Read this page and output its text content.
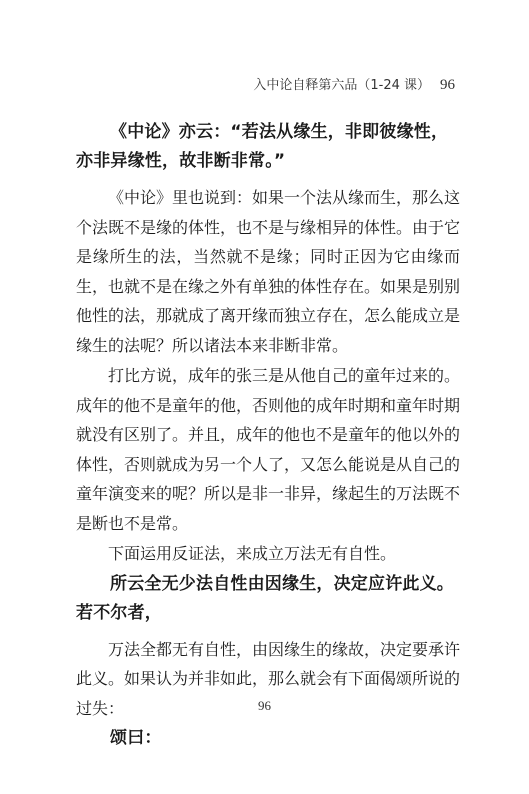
入中论自释第六品（1-24 课） 96

《中论》亦云：“若法从缘生，非即彼缘性，亦非异缘性，故非断非常。”

《中论》里也说到：如果一个法从缘而生，那么这个法既不是缘的体性，也不是与缘相异的体性。由于它是缘所生的法，当然就不是缘；同时正因为它由缘而生，也就不是在缘之外有单独的体性存在。如果是别别他性的法，那就成了离开缘而独立存在，怎么能成立是缘生的法呢？所以诸法本来非断非常。

打比方说，成年的张三是从他自己的童年过来的。成年的他不是童年的他，否则他的成年时期和童年时期就没有区别了。并且，成年的他也不是童年的他以外的体性，否则就成为另一个人了，又怎么能说是从自己的童年演变来的呢？所以是非一非异，缘起生的万法既不是断也不是常。

下面运用反证法，来成立万法无有自性。

所云全无少法自性由因缘生，决定应许此义。若不尔者，

万法全都无有自性，由因缘生的缘故，决定要承许此义。如果认为并非如此，那么就会有下面偈颂所说的过失：

颂曰：

96
